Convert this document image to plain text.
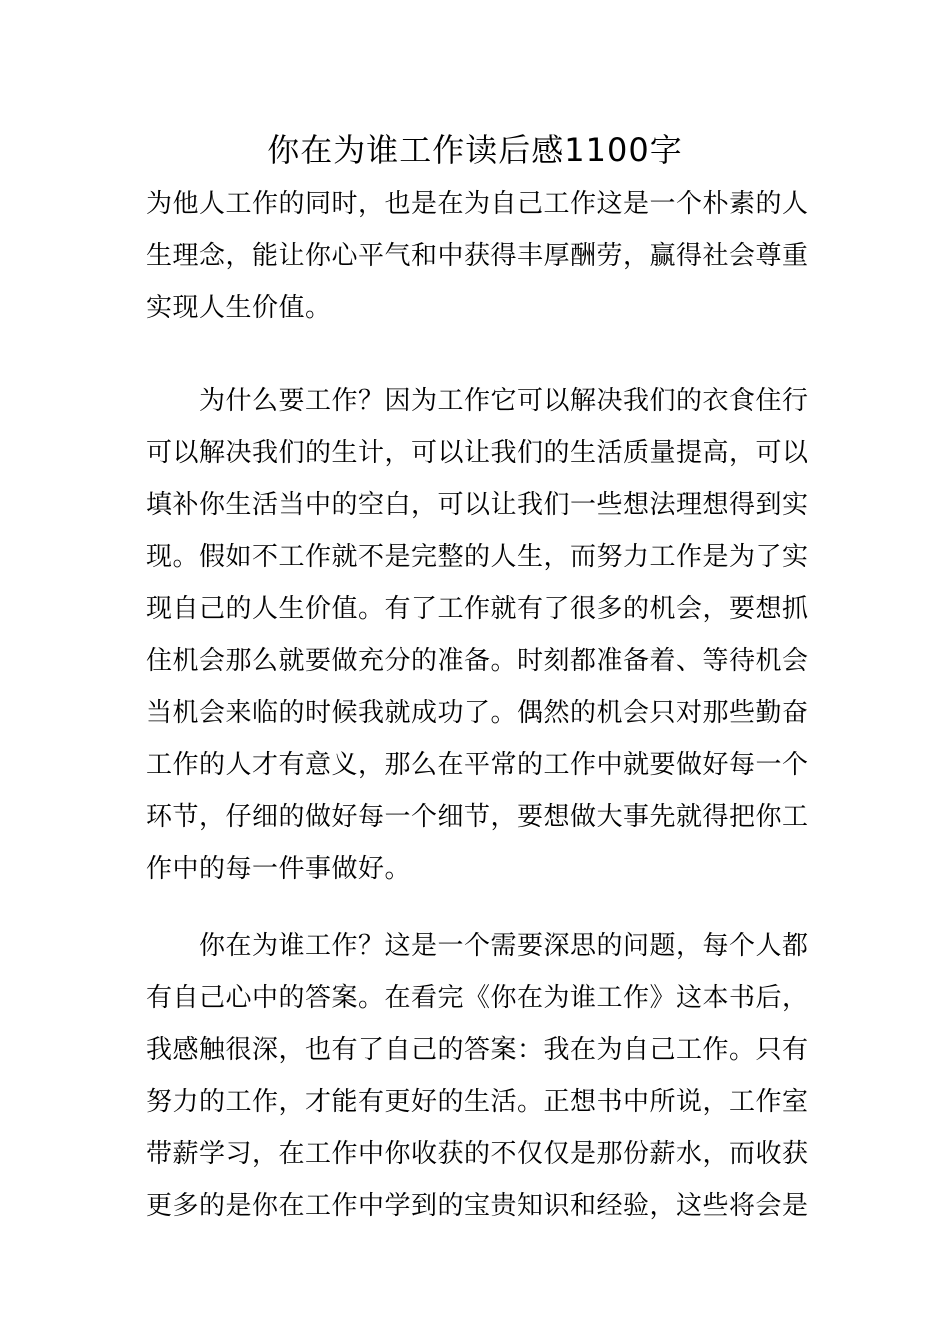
你在为谁工作读后感1100字
为他人工作的同时，也是在为自己工作这是一个朴素的人
生理念，能让你心平气和中获得丰厚酬劳，赢得社会尊重
实现人生价值。
　　为什么要工作？因为工作它可以解决我们的衣食住行
可以解决我们的生计，可以让我们的生活质量提高，可以
填补你生活当中的空白，可以让我们一些想法理想得到实
现。假如不工作就不是完整的人生，而努力工作是为了实
现自己的人生价值。有了工作就有了很多的机会，要想抓
住机会那么就要做充分的准备。时刻都准备着、等待机会
当机会来临的时候我就成功了。偶然的机会只对那些勤奋
工作的人才有意义，那么在平常的工作中就要做好每一个
环节，仔细的做好每一个细节，要想做大事先就得把你工
作中的每一件事做好。
　　你在为谁工作？这是一个需要深思的问题，每个人都
有自己心中的答案。在看完《你在为谁工作》这本书后，
我感触很深，也有了自己的答案：我在为自己工作。只有
努力的工作，才能有更好的生活。正想书中所说，工作室
带薪学习，在工作中你收获的不仅仅是那份薪水，而收获
更多的是你在工作中学到的宝贵知识和经验，这些将会是
